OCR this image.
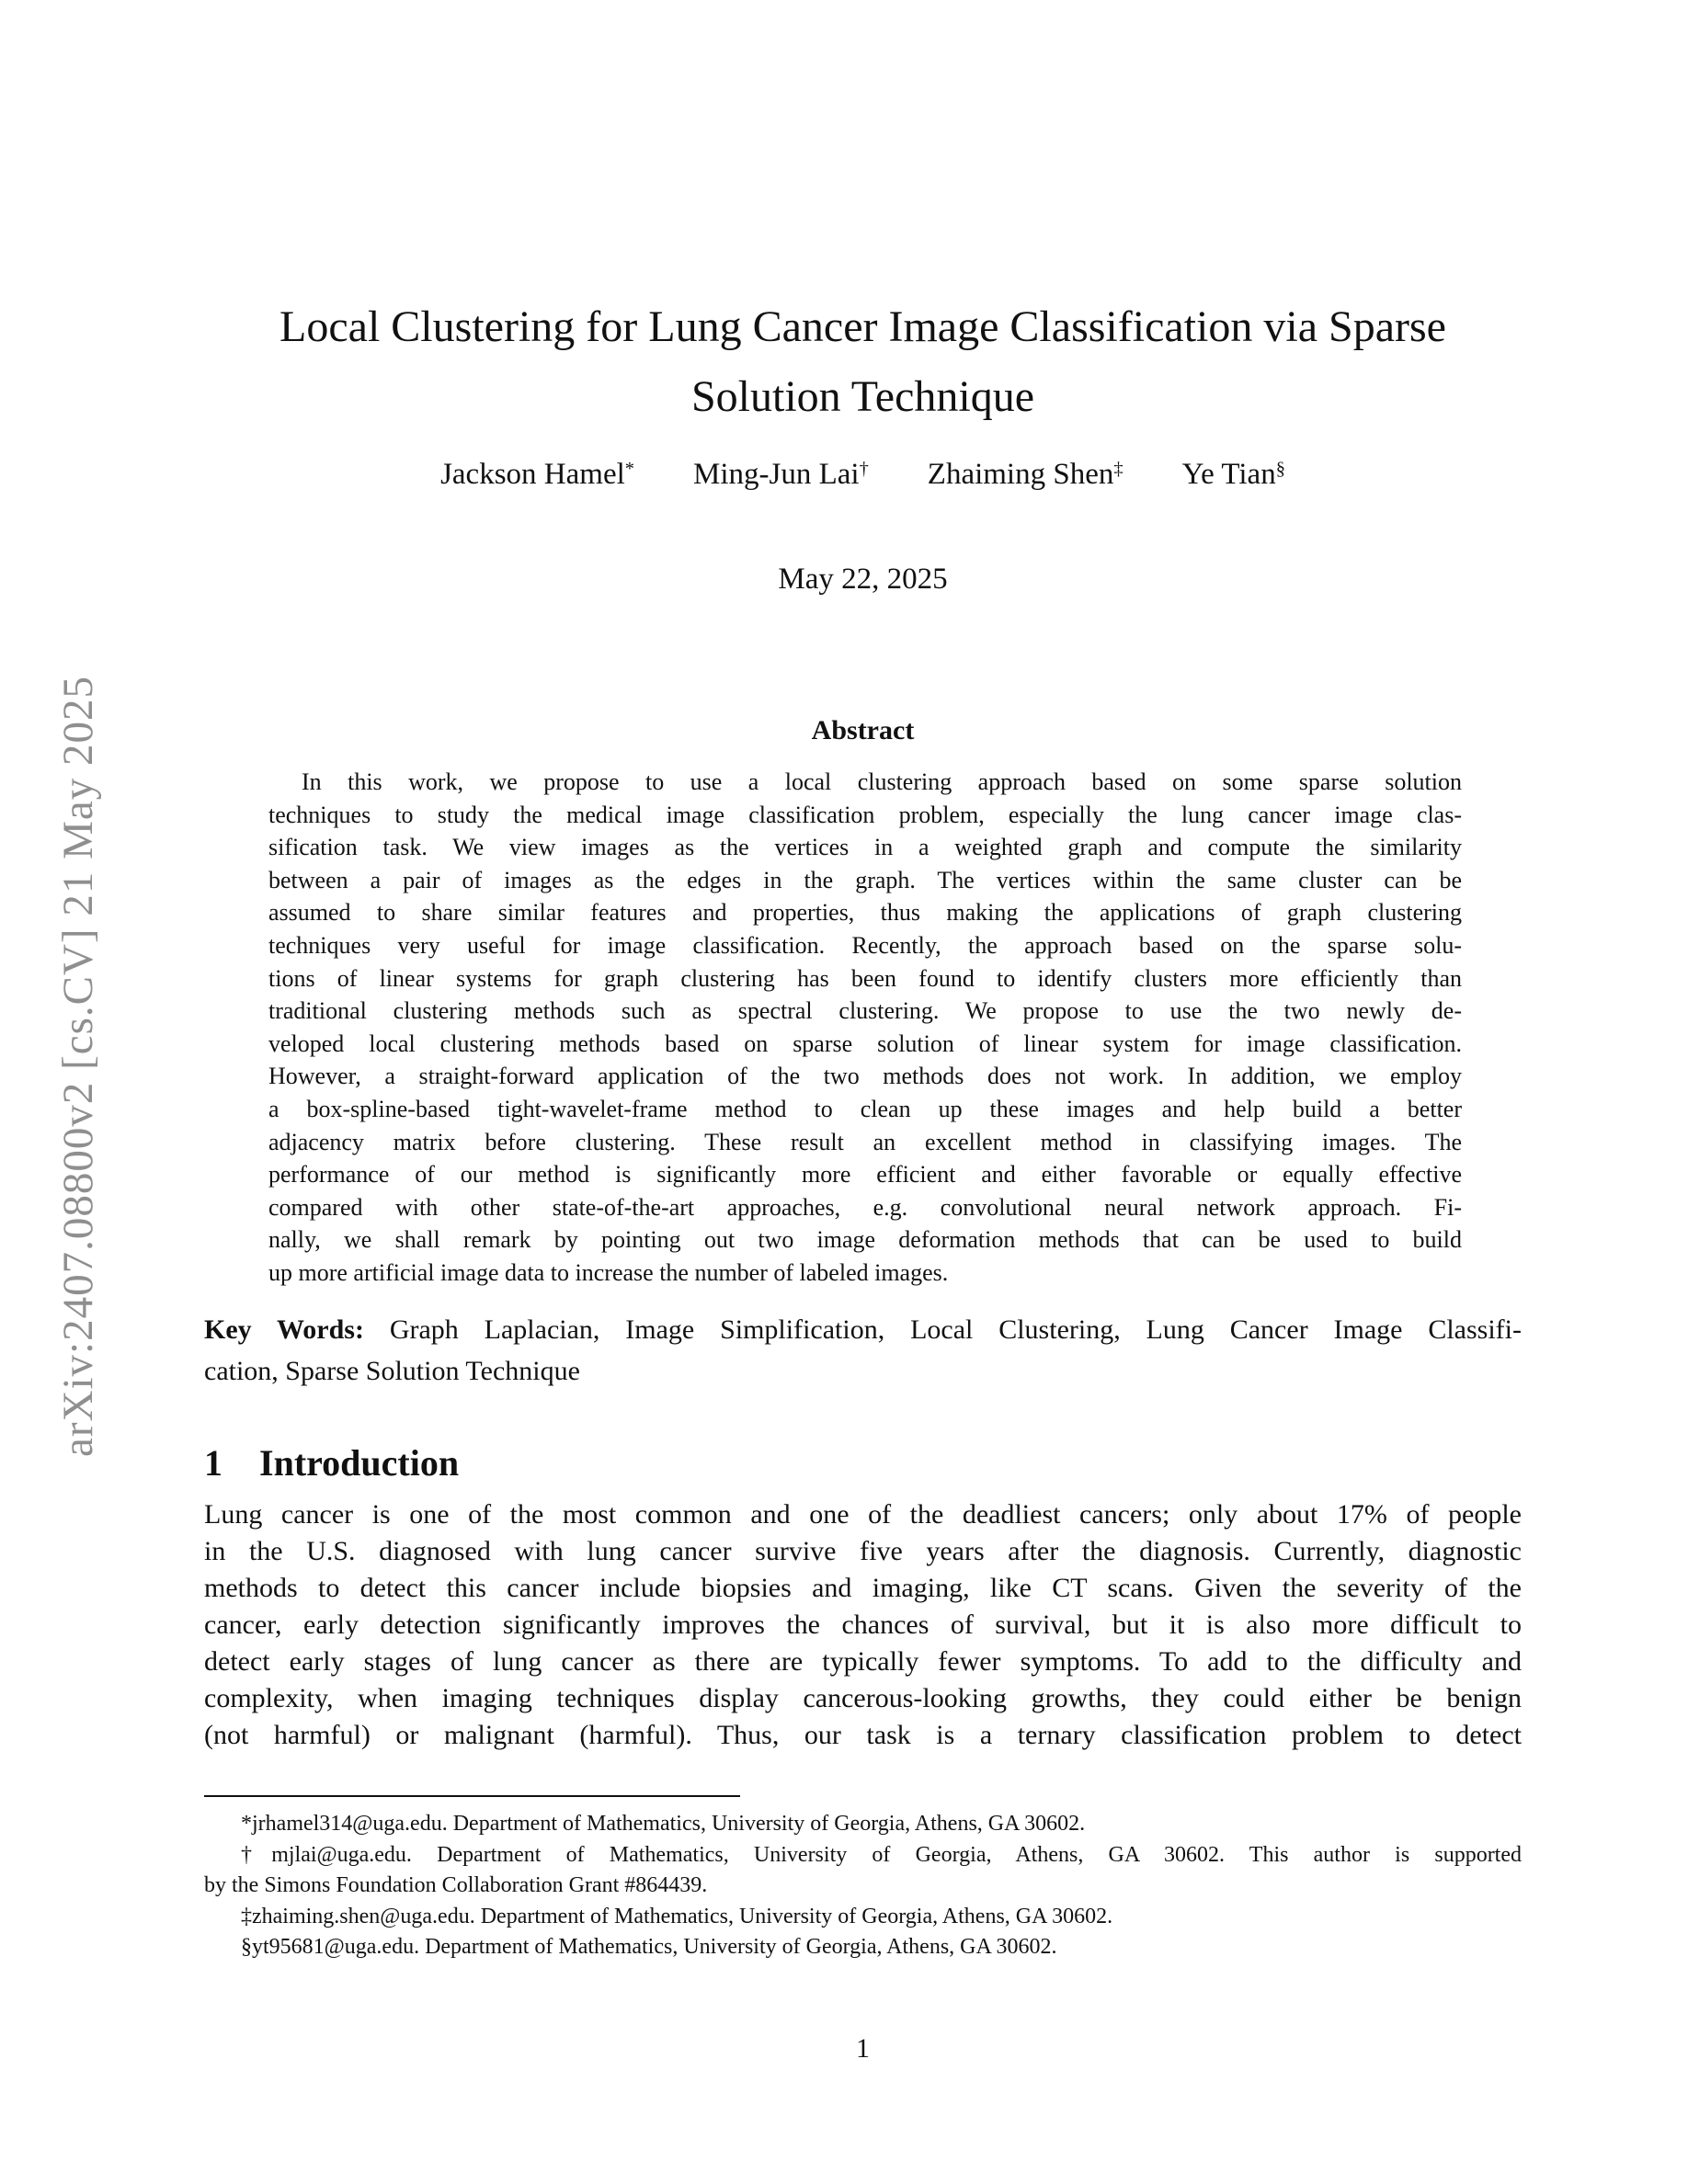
arXiv:2407.08800v2 [cs.CV] 21 May 2025
Local Clustering for Lung Cancer Image Classification via Sparse
Solution Technique
Jackson Hamel* Ming-Jun Lai† Zhaiming Shen‡ Ye Tian§
May 22, 2025
Abstract
In this work, we propose to use a local clustering approach based on some sparse solution
techniques to study the medical image classification problem, especially the lung cancer image clas-
sification task. We view images as the vertices in a weighted graph and compute the similarity
between a pair of images as the edges in the graph. The vertices within the same cluster can be
assumed to share similar features and properties, thus making the applications of graph clustering
techniques very useful for image classification. Recently, the approach based on the sparse solu-
tions of linear systems for graph clustering has been found to identify clusters more efficiently than
traditional clustering methods such as spectral clustering. We propose to use the two newly de-
veloped local clustering methods based on sparse solution of linear system for image classification.
However, a straight-forward application of the two methods does not work. In addition, we employ
a box-spline-based tight-wavelet-frame method to clean up these images and help build a better
adjacency matrix before clustering. These result an excellent method in classifying images. The
performance of our method is significantly more efficient and either favorable or equally effective
compared with other state-of-the-art approaches, e.g. convolutional neural network approach. Fi-
nally, we shall remark by pointing out two image deformation methods that can be used to build
up more artificial image data to increase the number of labeled images.
Key Words: Graph Laplacian, Image Simplification, Local Clustering, Lung Cancer Image Classifi-
cation, Sparse Solution Technique
1 Introduction
Lung cancer is one of the most common and one of the deadliest cancers; only about 17% of people
in the U.S. diagnosed with lung cancer survive five years after the diagnosis. Currently, diagnostic
methods to detect this cancer include biopsies and imaging, like CT scans. Given the severity of the
cancer, early detection significantly improves the chances of survival, but it is also more difficult to
detect early stages of lung cancer as there are typically fewer symptoms. To add to the difficulty and
complexity, when imaging techniques display cancerous-looking growths, they could either be benign
(not harmful) or malignant (harmful). Thus, our task is a ternary classification problem to detect
*jrhamel314@uga.edu. Department of Mathematics, University of Georgia, Athens, GA 30602.
†mjlai@uga.edu. Department of Mathematics, University of Georgia, Athens, GA 30602. This author is supported
by the Simons Foundation Collaboration Grant #864439.
‡zhaiming.shen@uga.edu. Department of Mathematics, University of Georgia, Athens, GA 30602.
§yt95681@uga.edu. Department of Mathematics, University of Georgia, Athens, GA 30602.
1
